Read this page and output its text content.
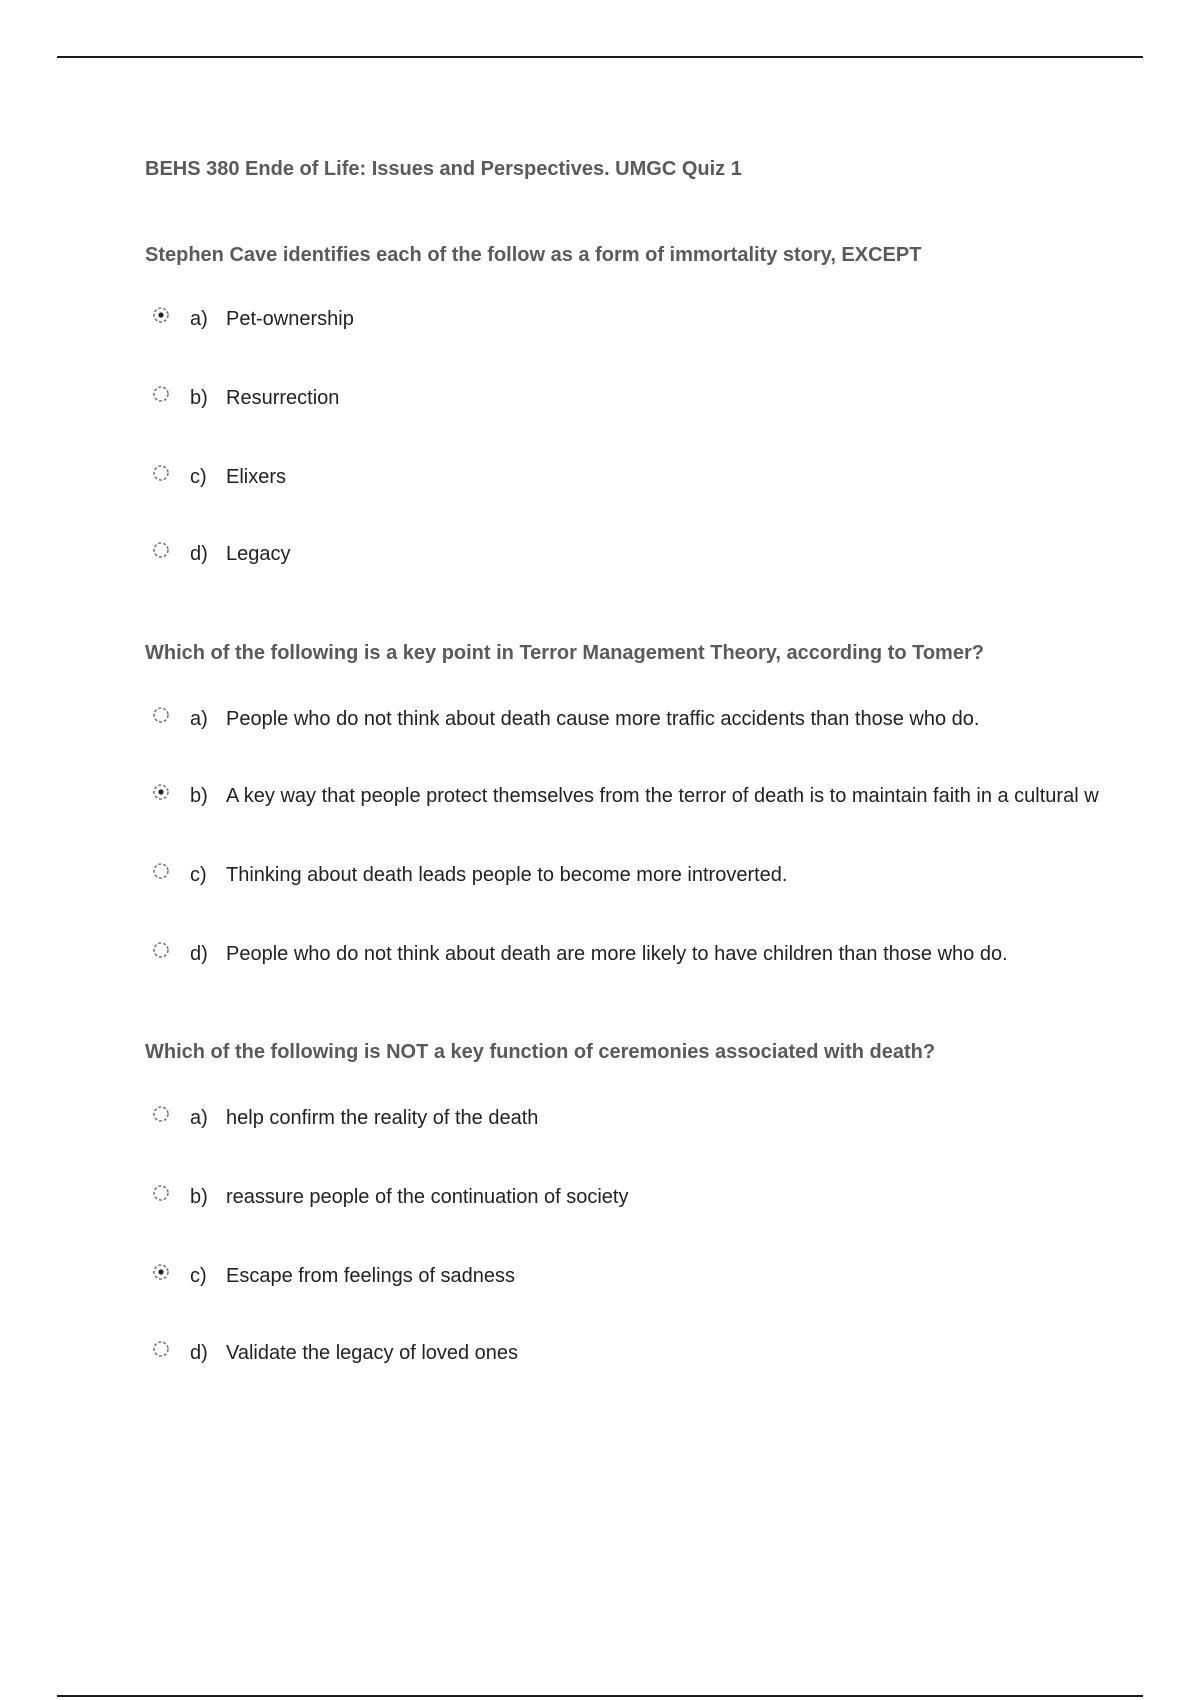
BEHS 380 Ende of Life: Issues and Perspectives. UMGC Quiz 1
Stephen Cave identifies each of the follow as a form of immortality story, EXCEPT
a) Pet-ownership
b) Resurrection
c) Elixers
d) Legacy
Which of the following is a key point in Terror Management Theory, according to Tomer?
a) People who do not think about death cause more traffic accidents than those who do.
b) A key way that people protect themselves from the terror of death is to maintain faith in a cultural w
c) Thinking about death leads people to become more introverted.
d) People who do not think about death are more likely to have children than those who do.
Which of the following is NOT a key function of ceremonies associated with death?
a) help confirm the reality of the death
b) reassure people of the continuation of society
c) Escape from feelings of sadness
d) Validate the legacy of loved ones
